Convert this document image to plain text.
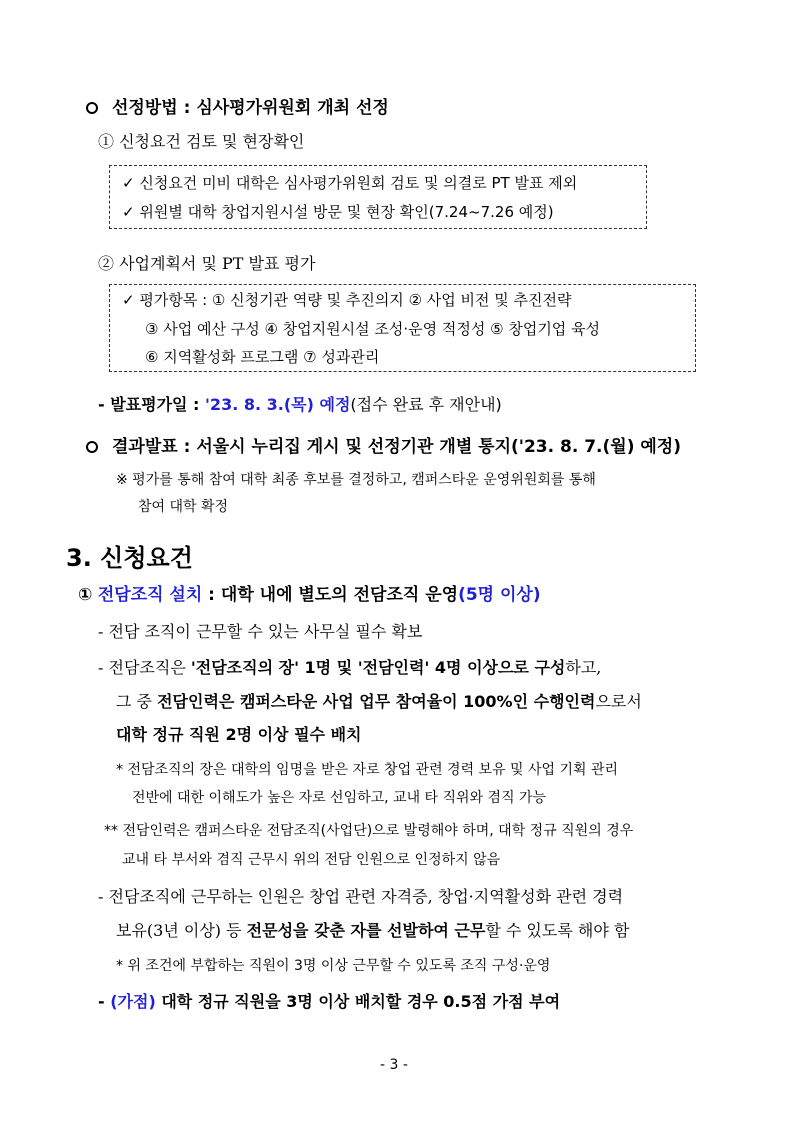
선정방법 : 심사평가위원회 개최 선정
① 신청요건 검토 및 현장확인
✓ 신청요건 미비 대학은 심사평가위원회 검토 및 의결로 PT 발표 제외
✓ 위원별 대학 창업지원시설 방문 및 현장 확인(7.24~7.26 예정)
② 사업계획서 및 PT 발표 평가
✓ 평가항목 : ① 신청기관 역량 및 추진의지 ② 사업 비전 및 추진전략
③ 사업 예산 구성 ④ 창업지원시설 조성·운영 적정성 ⑤ 창업기업 육성
⑥ 지역활성화 프로그램 ⑦ 성과관리
- 발표평가일 : '23. 8. 3.(목) 예정(접수 완료 후 재안내)
결과발표 : 서울시 누리집 게시 및 선정기관 개별 통지('23. 8. 7.(월) 예정)
※ 평가를 통해 참여 대학 최종 후보를 결정하고, 캠퍼스타운 운영위원회를 통해
참여 대학 확정
3. 신청요건
① 전담조직 설치 : 대학 내에 별도의 전담조직 운영(5명 이상)
- 전담 조직이 근무할 수 있는 사무실 필수 확보
- 전담조직은 '전담조직의 장' 1명 및 '전담인력' 4명 이상으로 구성하고,
그 중 전담인력은 캠퍼스타운 사업 업무 참여율이 100%인 수행인력으로서
대학 정규 직원 2명 이상 필수 배치
* 전담조직의 장은 대학의 임명을 받은 자로 창업 관련 경력 보유 및 사업 기획 관리
전반에 대한 이해도가 높은 자로 선임하고, 교내 타 직위와 겸직 가능
** 전담인력은 캠퍼스타운 전담조직(사업단)으로 발령해야 하며, 대학 정규 직원의 경우
교내 타 부서와 겸직 근무시 위의 전담 인원으로 인정하지 않음
- 전담조직에 근무하는 인원은 창업 관련 자격증, 창업·지역활성화 관련 경력
보유(3년 이상) 등 전문성을 갖춘 자를 선발하여 근무할 수 있도록 해야 함
* 위 조건에 부합하는 직원이 3명 이상 근무할 수 있도록 조직 구성·운영
- (가점) 대학 정규 직원을 3명 이상 배치할 경우 0.5점 가점 부여
- 3 -
